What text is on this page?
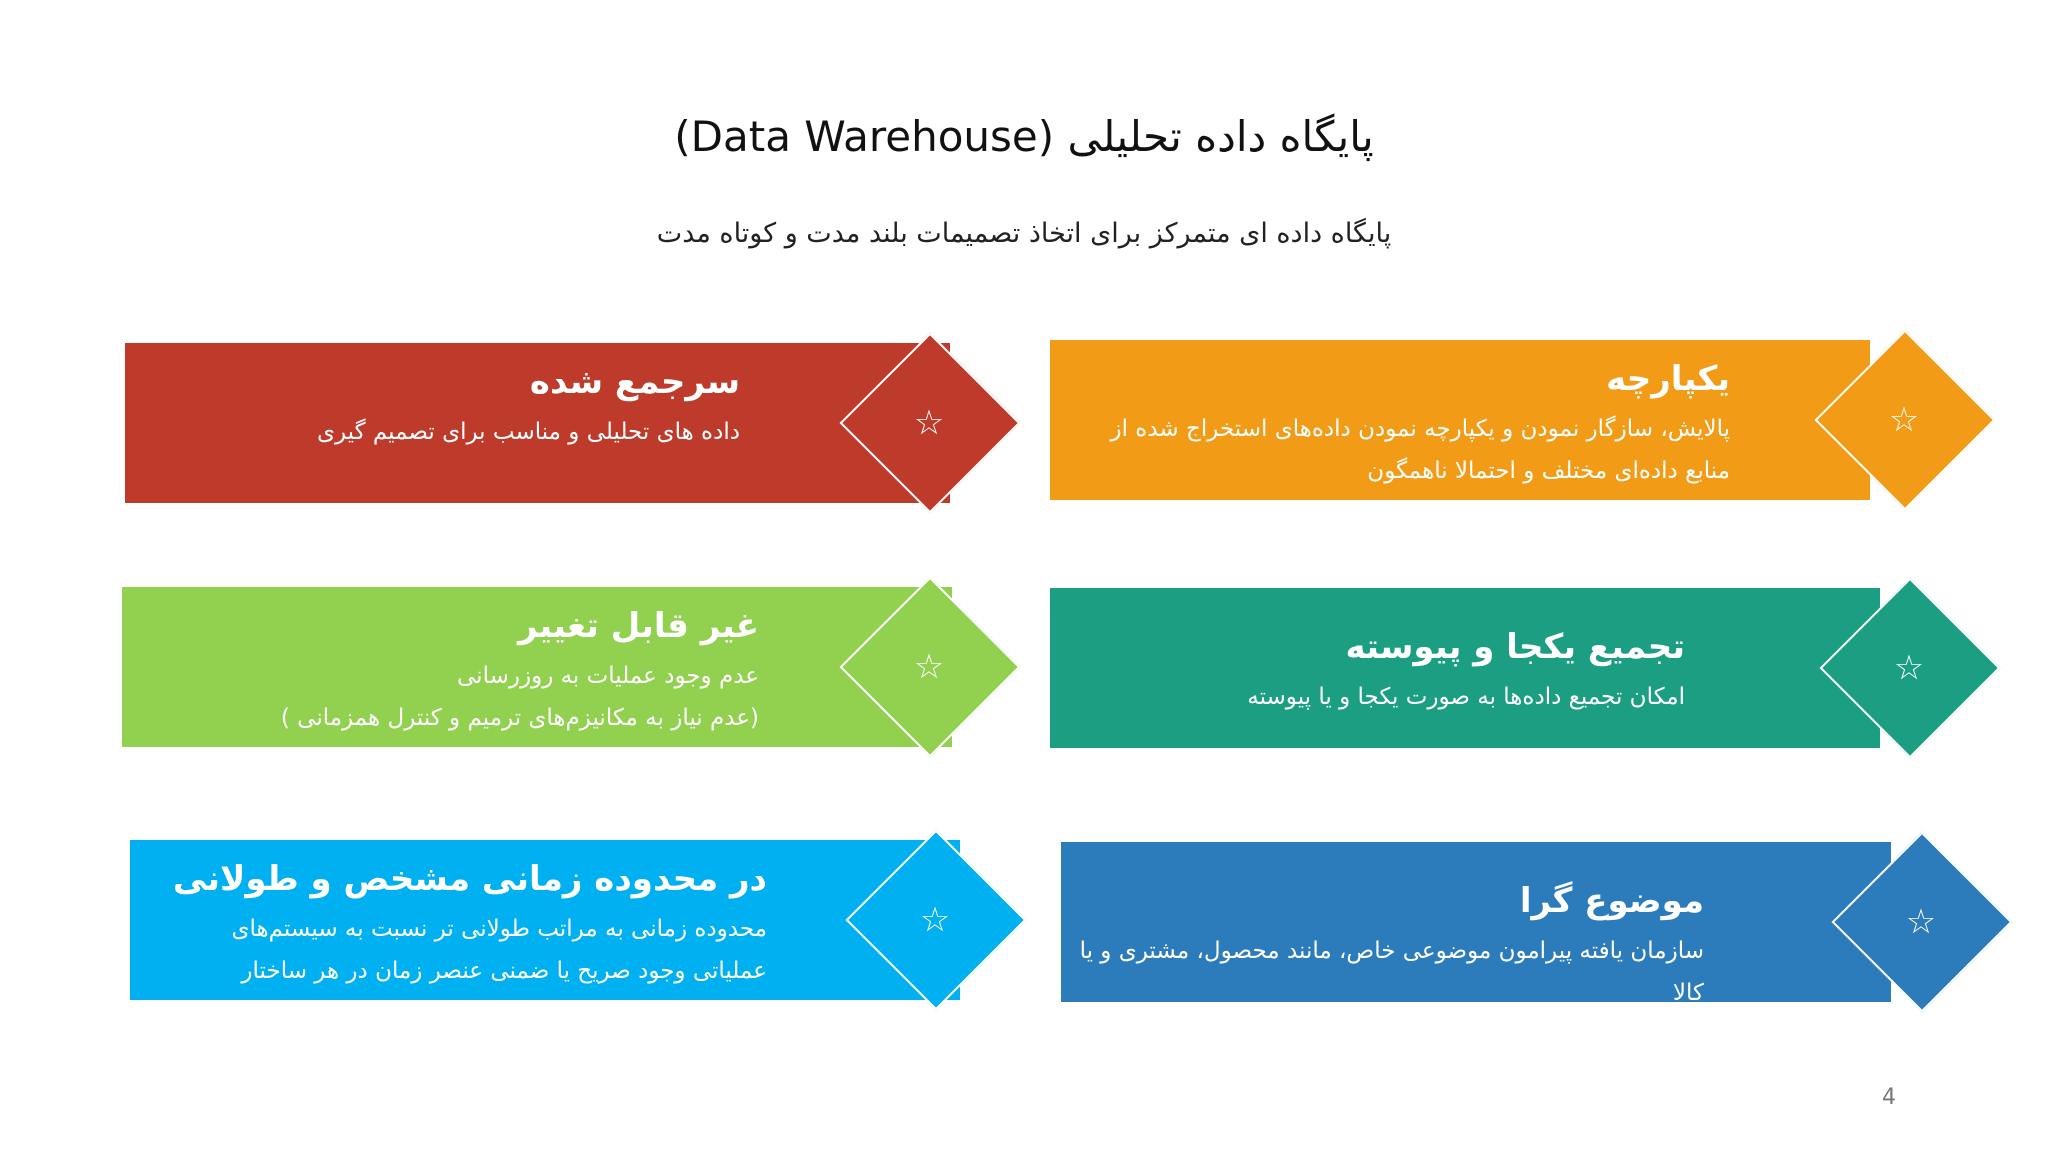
پایگاه داده تحلیلی (Data Warehouse)
پایگاه داده ای متمرکز برای اتخاذ تصمیمات بلند مدت و کوتاه مدت
یکپارچه
پالایش، سازگار نمودن و یکپارچه نمودن داده‌های استخراج شده از
منابع داده‌ای مختلف و احتمالا ناهمگون
☆
سرجمع شده
داده های تحلیلی و مناسب برای تصمیم گیری	☆
تجمیع یکجا و پیوسته
امکان تجمیع داده‌ها به صورت یکجا و یا پیوسته
☆
غیر قابل تغییر
عدم وجود عملیات به روزرسانی
(عدم نیاز به مکانیزم‌های ترمیم و کنترل همزمانی )
☆
موضوع گرا
سازمان یافته پیرامون موضوعی خاص، مانند محصول، مشتری و یا کالا
☆
در محدوده زمانی مشخص و طولانی
محدوده زمانی به مراتب طولانی تر نسبت به سیستم‌های
عملیاتی وجود صریح یا ضمنی عنصر زمان در هر ساختار
☆
4
